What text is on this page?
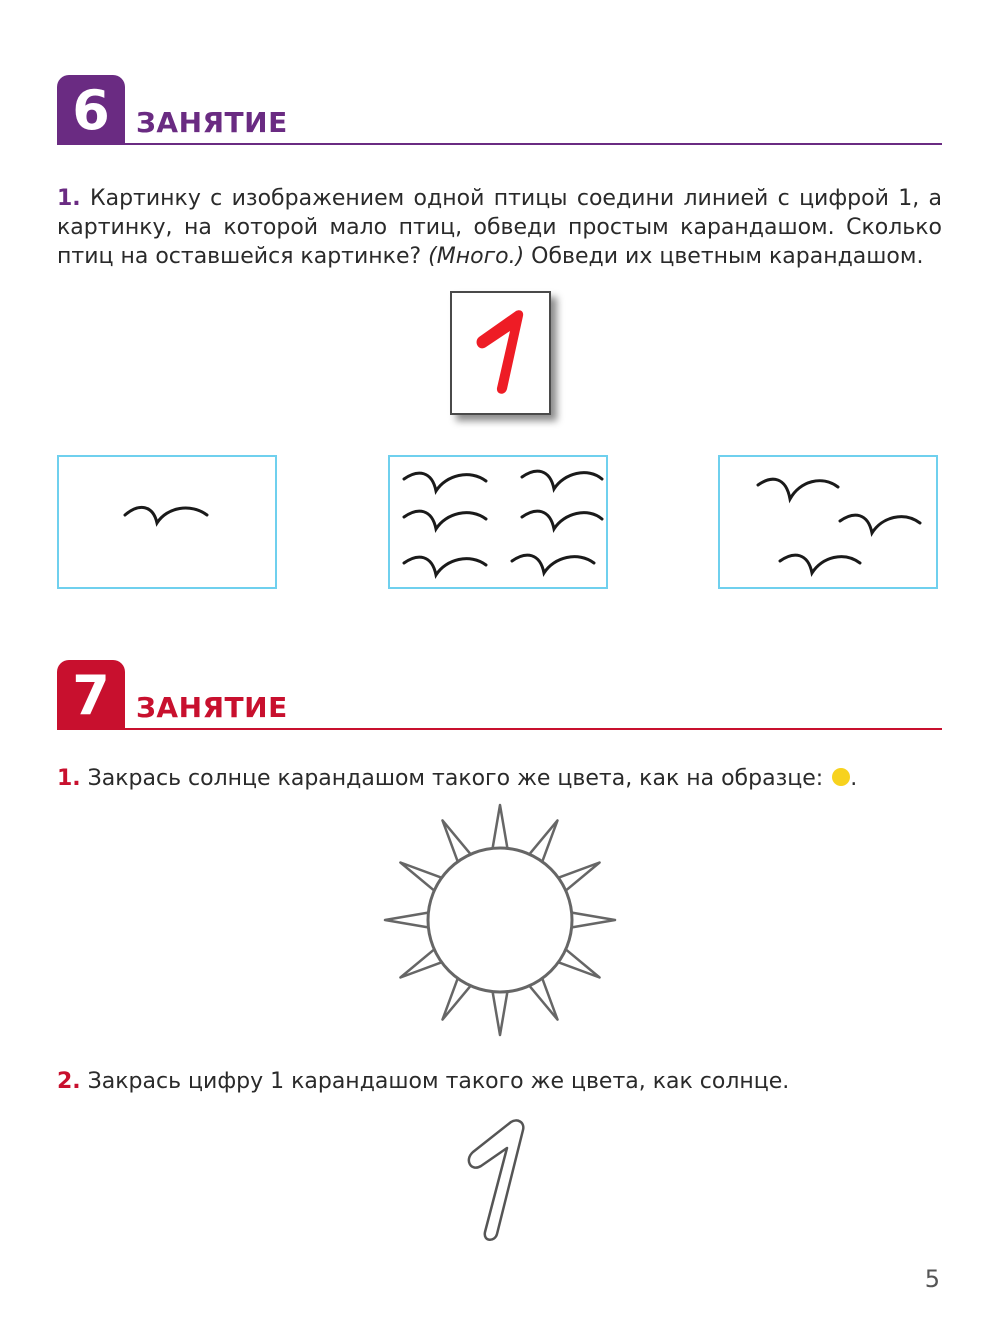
6 ЗАНЯТИЕ
1. Картинку с изображением одной птицы соедини линией с цифрой 1, а картинку, на которой мало птиц, обведи простым карандашом. Сколько птиц на оставшейся картинке? (Много.) Обведи их цветным карандашом.
7 ЗАНЯТИЕ
1. Закрась солнце карандашом такого же цвета, как на образце: .
2. Закрась цифру 1 карандашом такого же цвета, как солнце.
5
